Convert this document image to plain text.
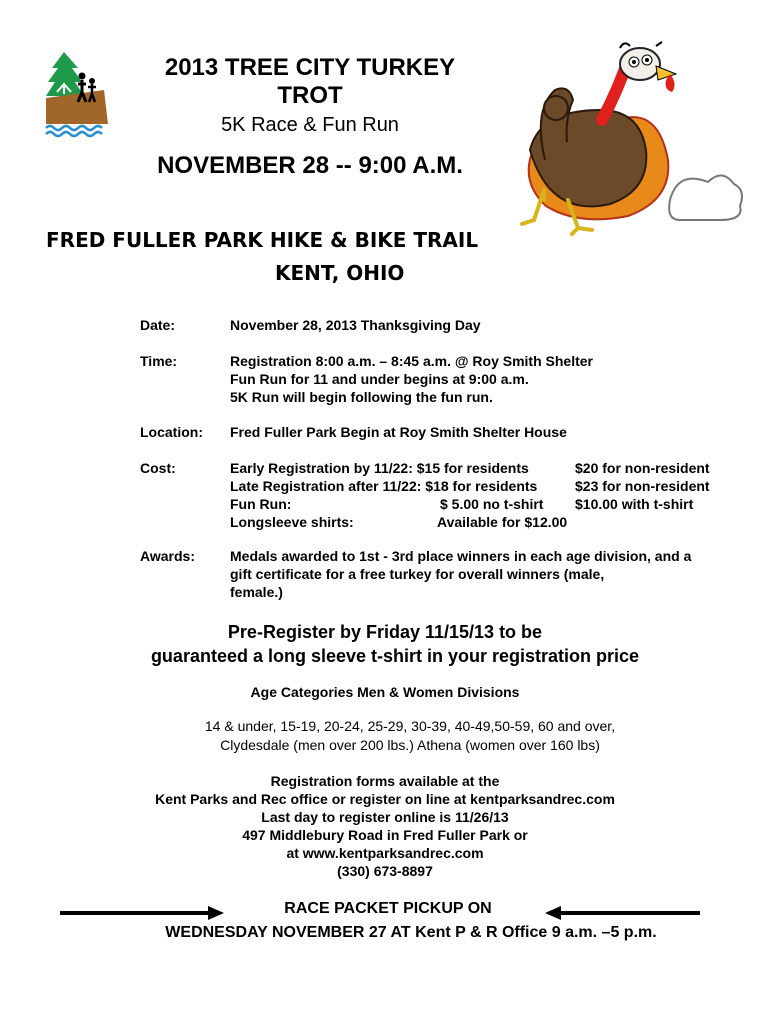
2013 TREE CITY TURKEY
TROT
5K Race & Fun Run
NOVEMBER 28 -- 9:00 A.M.
FRED FULLER PARK HIKE & BIKE TRAIL
KENT, OHIO
Date:	November 28, 2013 Thanksgiving Day
Time:	Registration 8:00 a.m. – 8:45 a.m. @ Roy Smith Shelter
Fun Run for 11 and under begins at 9:00 a.m.
5K Run will begin following the fun run.
Location:	Fred Fuller Park Begin at Roy Smith Shelter House
Cost:	Early Registration by 11/22: $15 for residents	$20 for non-resident
Late Registration after 11/22: $18 for residents	$23 for non-resident
Fun Run:	$ 5.00 no t-shirt $10.00 with t-shirt
Longsleeve shirts:	Available for $12.00
Awards:	Medals awarded to 1st - 3rd place winners in each age division, and a
gift certificate for a free turkey for overall winners (male,
female.)
Pre-Register by Friday 11/15/13 to be
guaranteed a long sleeve t-shirt in your registration price
Age Categories Men & Women Divisions
14 & under, 15-19, 20-24, 25-29, 30-39, 40-49,50-59, 60 and over,
Clydesdale (men over 200 lbs.) Athena (women over 160 lbs)
Registration forms available at the
Kent Parks and Rec office or register on line at kentparksandrec.com
Last day to register online is 11/26/13
497 Middlebury Road in Fred Fuller Park or
at www.kentparksandrec.com
(330) 673-8897
RACE PACKET PICKUP ON
WEDNESDAY NOVEMBER 27 AT Kent P & R Office 9 a.m. –5 p.m.
